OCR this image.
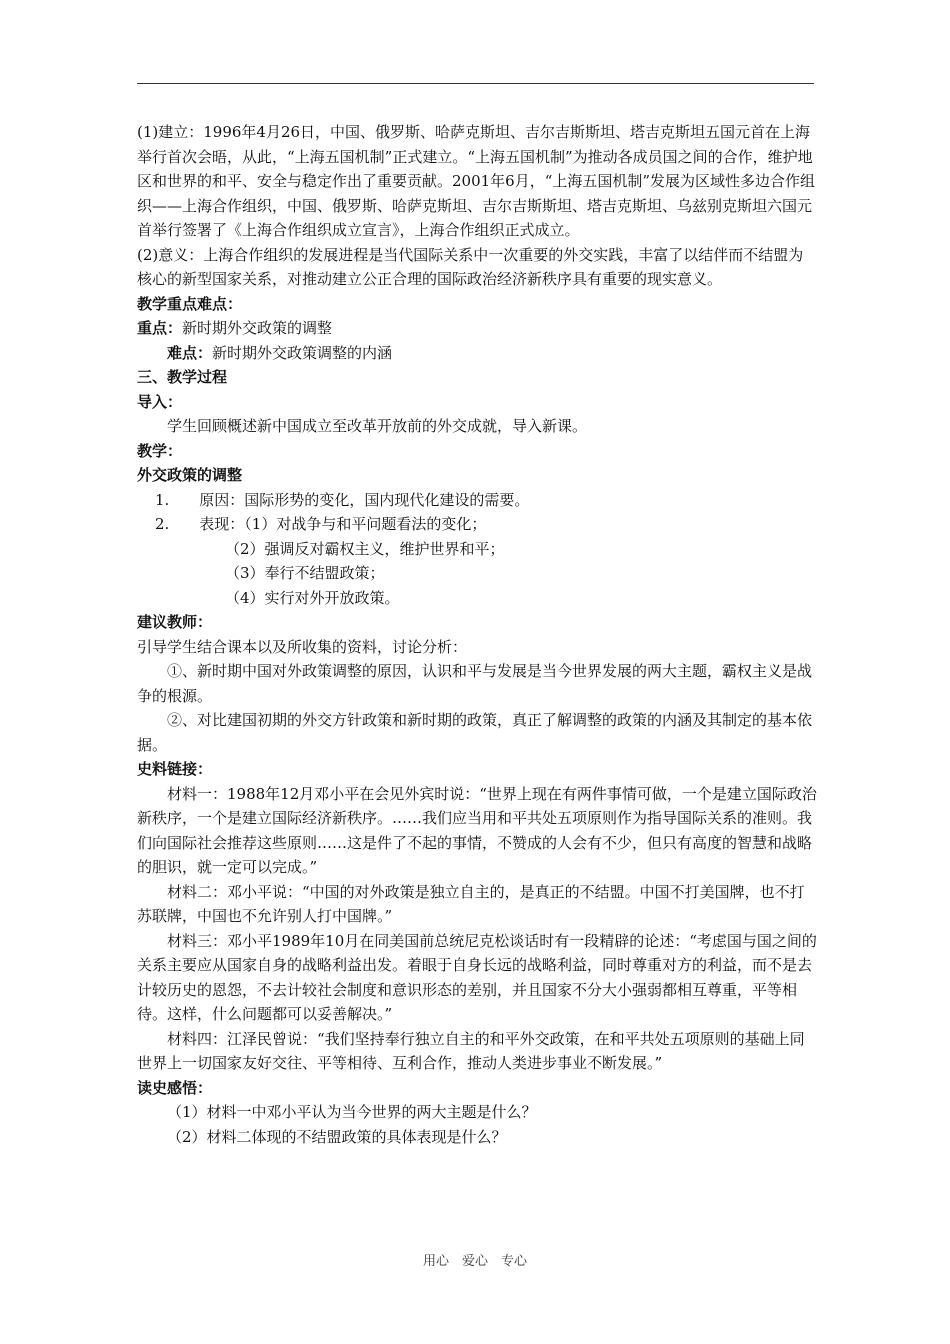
(1)建立：1996年4月26日，中国、俄罗斯、哈萨克斯坦、吉尔吉斯斯坦、塔吉克斯坦五国元首在上海举行首次会晤，从此，“上海五国机制”正式建立。“上海五国机制”为推动各成员国之间的合作，维护地区和世界的和平、安全与稳定作出了重要贡献。2001年6月，“上海五国机制”发展为区域性多边合作组织——上海合作组织，中国、俄罗斯、哈萨克斯坦、吉尔吉斯斯坦、塔吉克斯坦、乌兹别克斯坦六国元首举行签署了《上海合作组织成立宣言》，上海合作组织正式成立。

(2)意义：上海合作组织的发展进程是当代国际关系中一次重要的外交实践，丰富了以结伴而不结盟为核心的新型国家关系，对推动建立公正合理的国际政治经济新秩序具有重要的现实意义。

教学重点难点：

重点：新时期外交政策的调整

难点：新时期外交政策调整的内涵

三、教学过程

导入：

学生回顾概述新中国成立至改革开放前的外交成就，导入新课。

教学：

外交政策的调整

1.　　原因：国际形势的变化，国内现代化建设的需要。

2.　　表现：（1）对战争与和平问题看法的变化；

（2）强调反对霸权主义，维护世界和平；

（3）奉行不结盟政策；

（4）实行对外开放政策。

建议教师：

引导学生结合课本以及所收集的资料，讨论分析：

①、新时期中国对外政策调整的原因，认识和平与发展是当今世界发展的两大主题，霸权主义是战争的根源。

②、对比建国初期的外交方针政策和新时期的政策，真正了解调整的政策的内涵及其制定的基本依据。

史料链接：

材料一：1988年12月邓小平在会见外宾时说：“世界上现在有两件事情可做，一个是建立国际政治新秩序，一个是建立国际经济新秩序。……我们应当用和平共处五项原则作为指导国际关系的准则。我们向国际社会推荐这些原则……这是件了不起的事情，不赞成的人会有不少，但只有高度的智慧和战略的胆识，就一定可以完成。”

材料二：邓小平说：“中国的对外政策是独立自主的，是真正的不结盟。中国不打美国牌，也不打苏联牌，中国也不允许别人打中国牌。”

材料三：邓小平1989年10月在同美国前总统尼克松谈话时有一段精辟的论述：“考虑国与国之间的关系主要应从国家自身的战略利益出发。着眼于自身长远的战略利益，同时尊重对方的利益，而不是去计较历史的恩怨，不去计较社会制度和意识形态的差别，并且国家不分大小强弱都相互尊重，平等相待。这样，什么问题都可以妥善解决。”

材料四：江泽民曾说：“我们坚持奉行独立自主的和平外交政策，在和平共处五项原则的基础上同世界上一切国家友好交往、平等相待、互利合作，推动人类进步事业不断发展。”

读史感悟：

（1）材料一中邓小平认为当今世界的两大主题是什么？

（2）材料二体现的不结盟政策的具体表现是什么？

用心　爱心　专心
